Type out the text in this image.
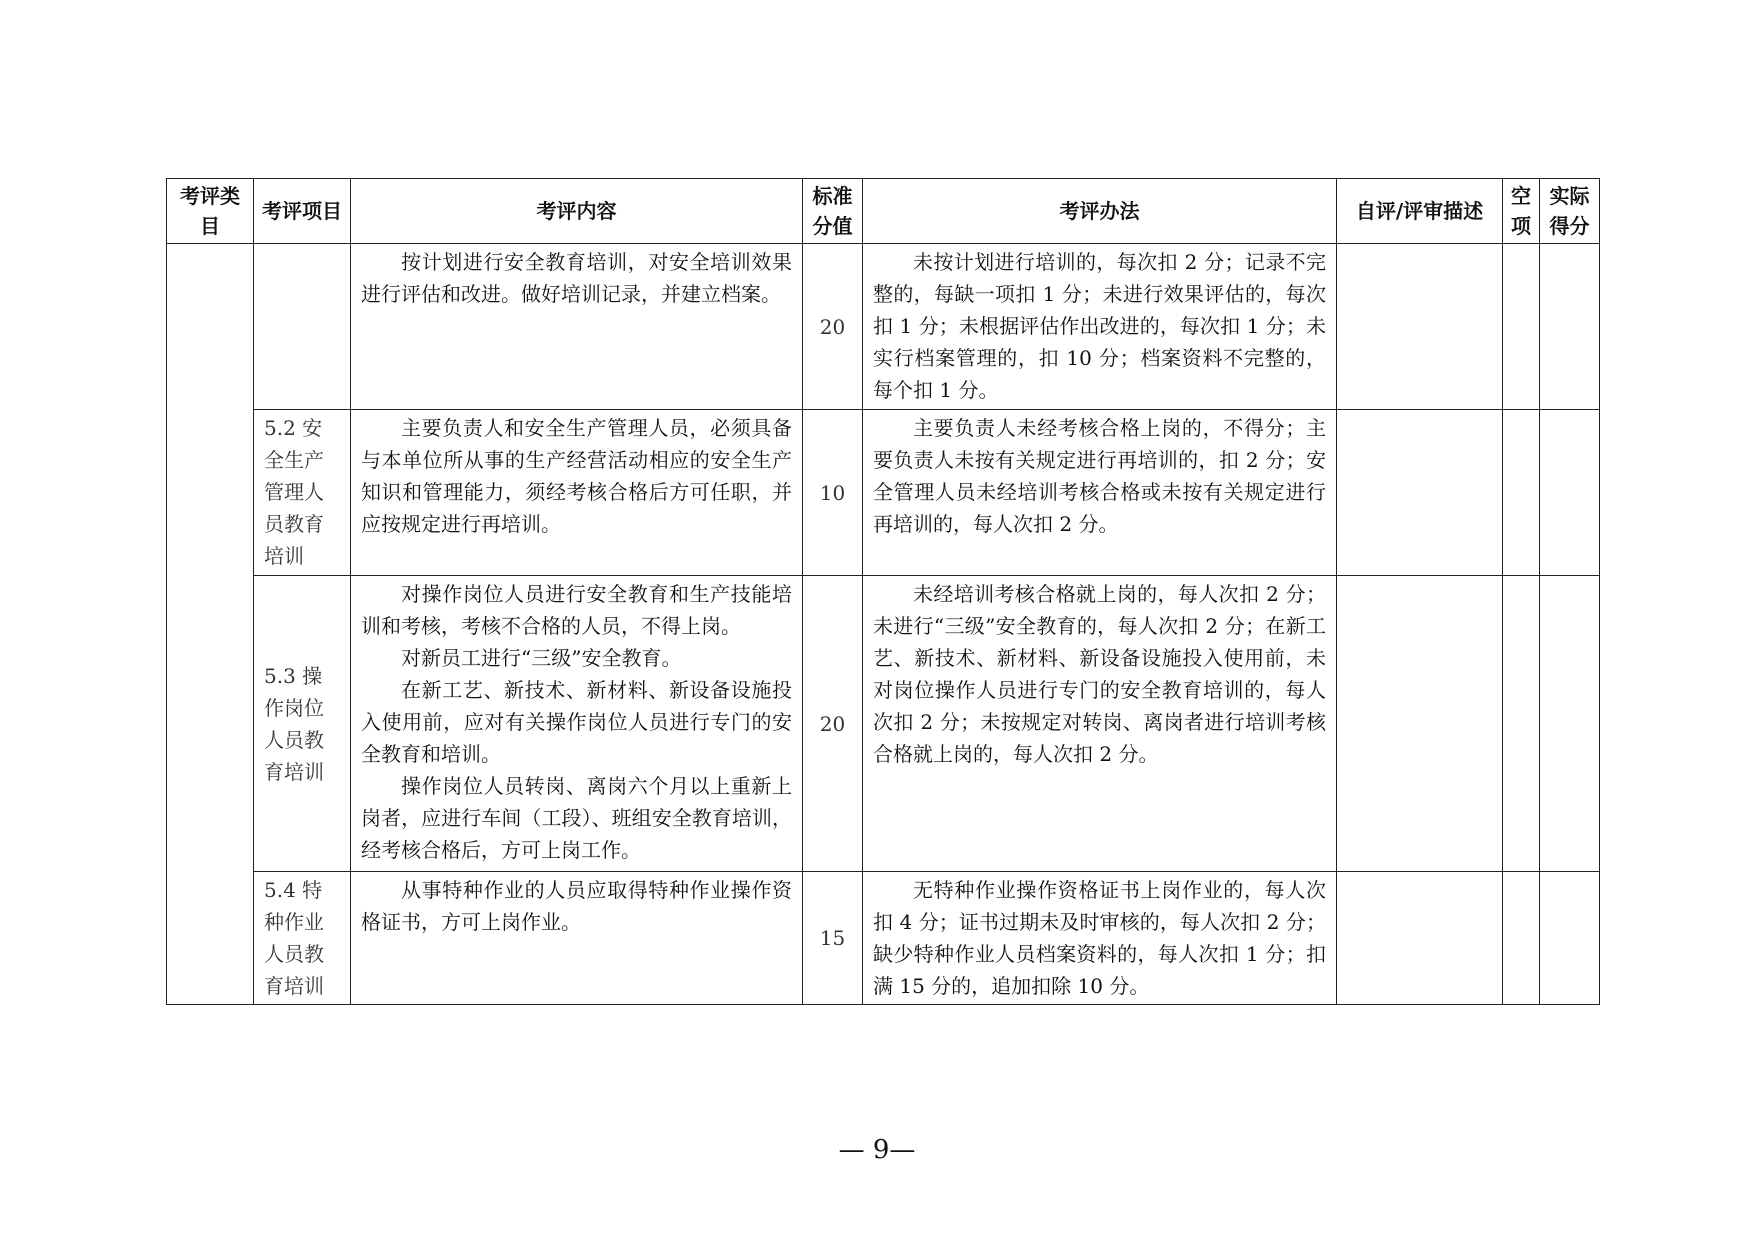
考评类目	考评项目	考评内容	标准分值	考评办法	自评/评审描述	空项	实际得分

		按计划进行安全教育培训，对安全培训效果进行评估和改进。做好培训记录，并建立档案。	20	未按计划进行培训的，每次扣 2 分；记录不完整的，每缺一项扣 1 分；未进行效果评估的，每次扣 1 分；未根据评估作出改进的，每次扣 1 分；未实行档案管理的，扣 10 分；档案资料不完整的，每个扣 1 分。			

	5.2 安全生产管理人员教育培训	主要负责人和安全生产管理人员，必须具备与本单位所从事的生产经营活动相应的安全生产知识和管理能力，须经考核合格后方可任职，并应按规定进行再培训。	10	主要负责人未经考核合格上岗的，不得分；主要负责人未按有关规定进行再培训的，扣 2 分；安全管理人员未经培训考核合格或未按有关规定进行再培训的，每人次扣 2 分。			

	5.3 操作岗位人员教育培训	对操作岗位人员进行安全教育和生产技能培训和考核，考核不合格的人员，不得上岗。

对新员工进行“三级”安全教育。

在新工艺、新技术、新材料、新设备设施投入使用前，应对有关操作岗位人员进行专门的安全教育和培训。

操作岗位人员转岗、离岗六个月以上重新上岗者，应进行车间（工段）、班组安全教育培训，经考核合格后，方可上岗工作。	20	未经培训考核合格就上岗的，每人次扣 2 分；未进行“三级”安全教育的，每人次扣 2 分；在新工艺、新技术、新材料、新设备设施投入使用前，未对岗位操作人员进行专门的安全教育培训的，每人次扣 2 分；未按规定对转岗、离岗者进行培训考核合格就上岗的，每人次扣 2 分。			

	5.4 特种作业人员教育培训	从事特种作业的人员应取得特种作业操作资格证书，方可上岗作业。	15	无特种作业操作资格证书上岗作业的，每人次扣 4 分；证书过期未及时审核的，每人次扣 2 分；缺少特种作业人员档案资料的，每人次扣 1 分；扣满 15 分的，追加扣除 10 分。			

— 9—
